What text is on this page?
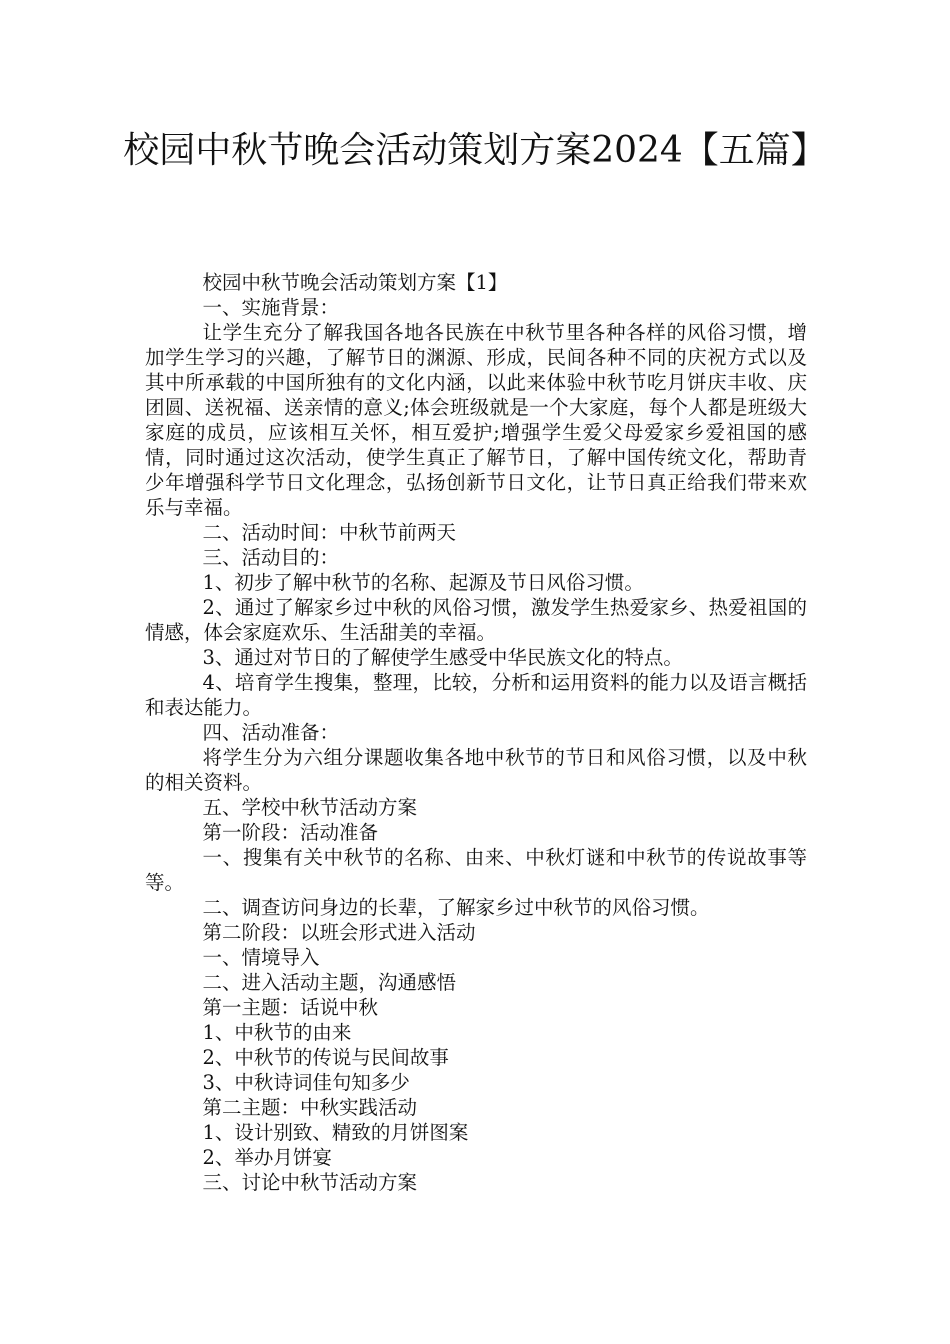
校园中秋节晚会活动策划方案2024【五篇】

校园中秋节晚会活动策划方案【1】

一、实施背景：

让学生充分了解我国各地各民族在中秋节里各种各样的风俗习惯，增加学生学习的兴趣，了解节日的渊源、形成，民间各种不同的庆祝方式以及其中所承载的中国所独有的文化内涵，以此来体验中秋节吃月饼庆丰收、庆团圆、送祝福、送亲情的意义;体会班级就是一个大家庭，每个人都是班级大家庭的成员，应该相互关怀，相互爱护;增强学生爱父母爱家乡爱祖国的感情，同时通过这次活动，使学生真正了解节日，了解中国传统文化，帮助青少年增强科学节日文化理念，弘扬创新节日文化，让节日真正给我们带来欢乐与幸福。

二、活动时间：中秋节前两天

三、活动目的：

1、初步了解中秋节的名称、起源及节日风俗习惯。

2、通过了解家乡过中秋的风俗习惯，激发学生热爱家乡、热爱祖国的情感，体会家庭欢乐、生活甜美的幸福。

3、通过对节日的了解使学生感受中华民族文化的特点。

4、培育学生搜集，整理，比较，分析和运用资料的能力以及语言概括和表达能力。

四、活动准备：

将学生分为六组分课题收集各地中秋节的节日和风俗习惯，以及中秋的相关资料。

五、学校中秋节活动方案

第一阶段：活动准备

一、搜集有关中秋节的名称、由来、中秋灯谜和中秋节的传说故事等等。

二、调查访问身边的长辈，了解家乡过中秋节的风俗习惯。

第二阶段：以班会形式进入活动

一、情境导入

二、进入活动主题，沟通感悟

第一主题：话说中秋

1、中秋节的由来

2、中秋节的传说与民间故事

3、中秋诗词佳句知多少

第二主题：中秋实践活动

1、设计别致、精致的月饼图案

2、举办月饼宴

三、讨论中秋节活动方案
